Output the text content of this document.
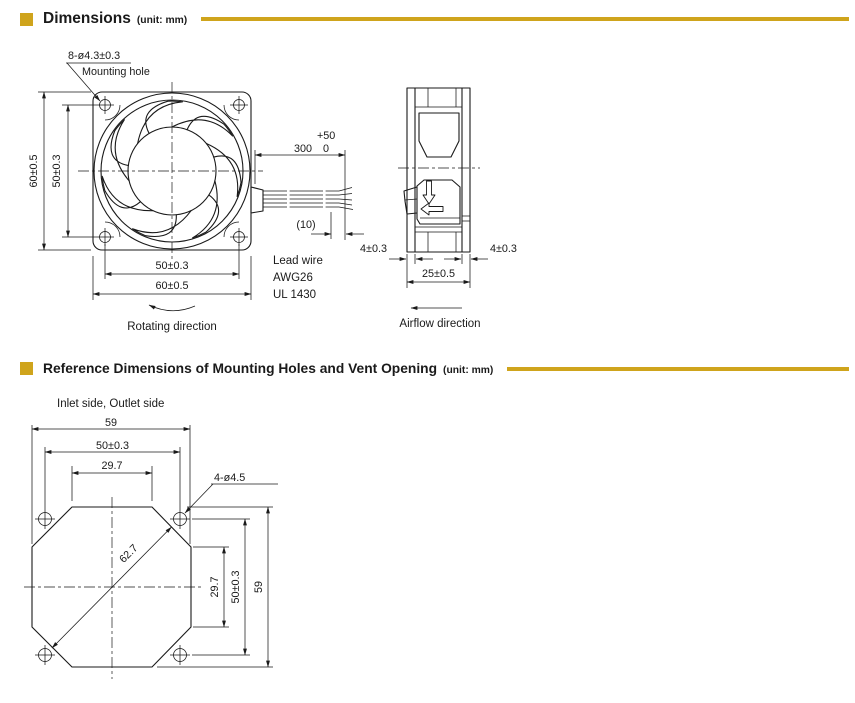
Dimensions (unit: mm)
Reference Dimensions of Mounting Holes and Vent Opening (unit: mm)
8-ø4.3±0.3
Mounting hole
60±0.5 50±0.3
50±0.3
60±0.5
Rotating direction
300
+50
0
(10)
Lead wire
AWG26
UL 1430
4±0.3	4±0.3
25±0.5
Airflow direction
Inlet side, Outlet side
62.7
4-ø4.5
59
50±0.3
29.7
29.7 50±0.3 59
